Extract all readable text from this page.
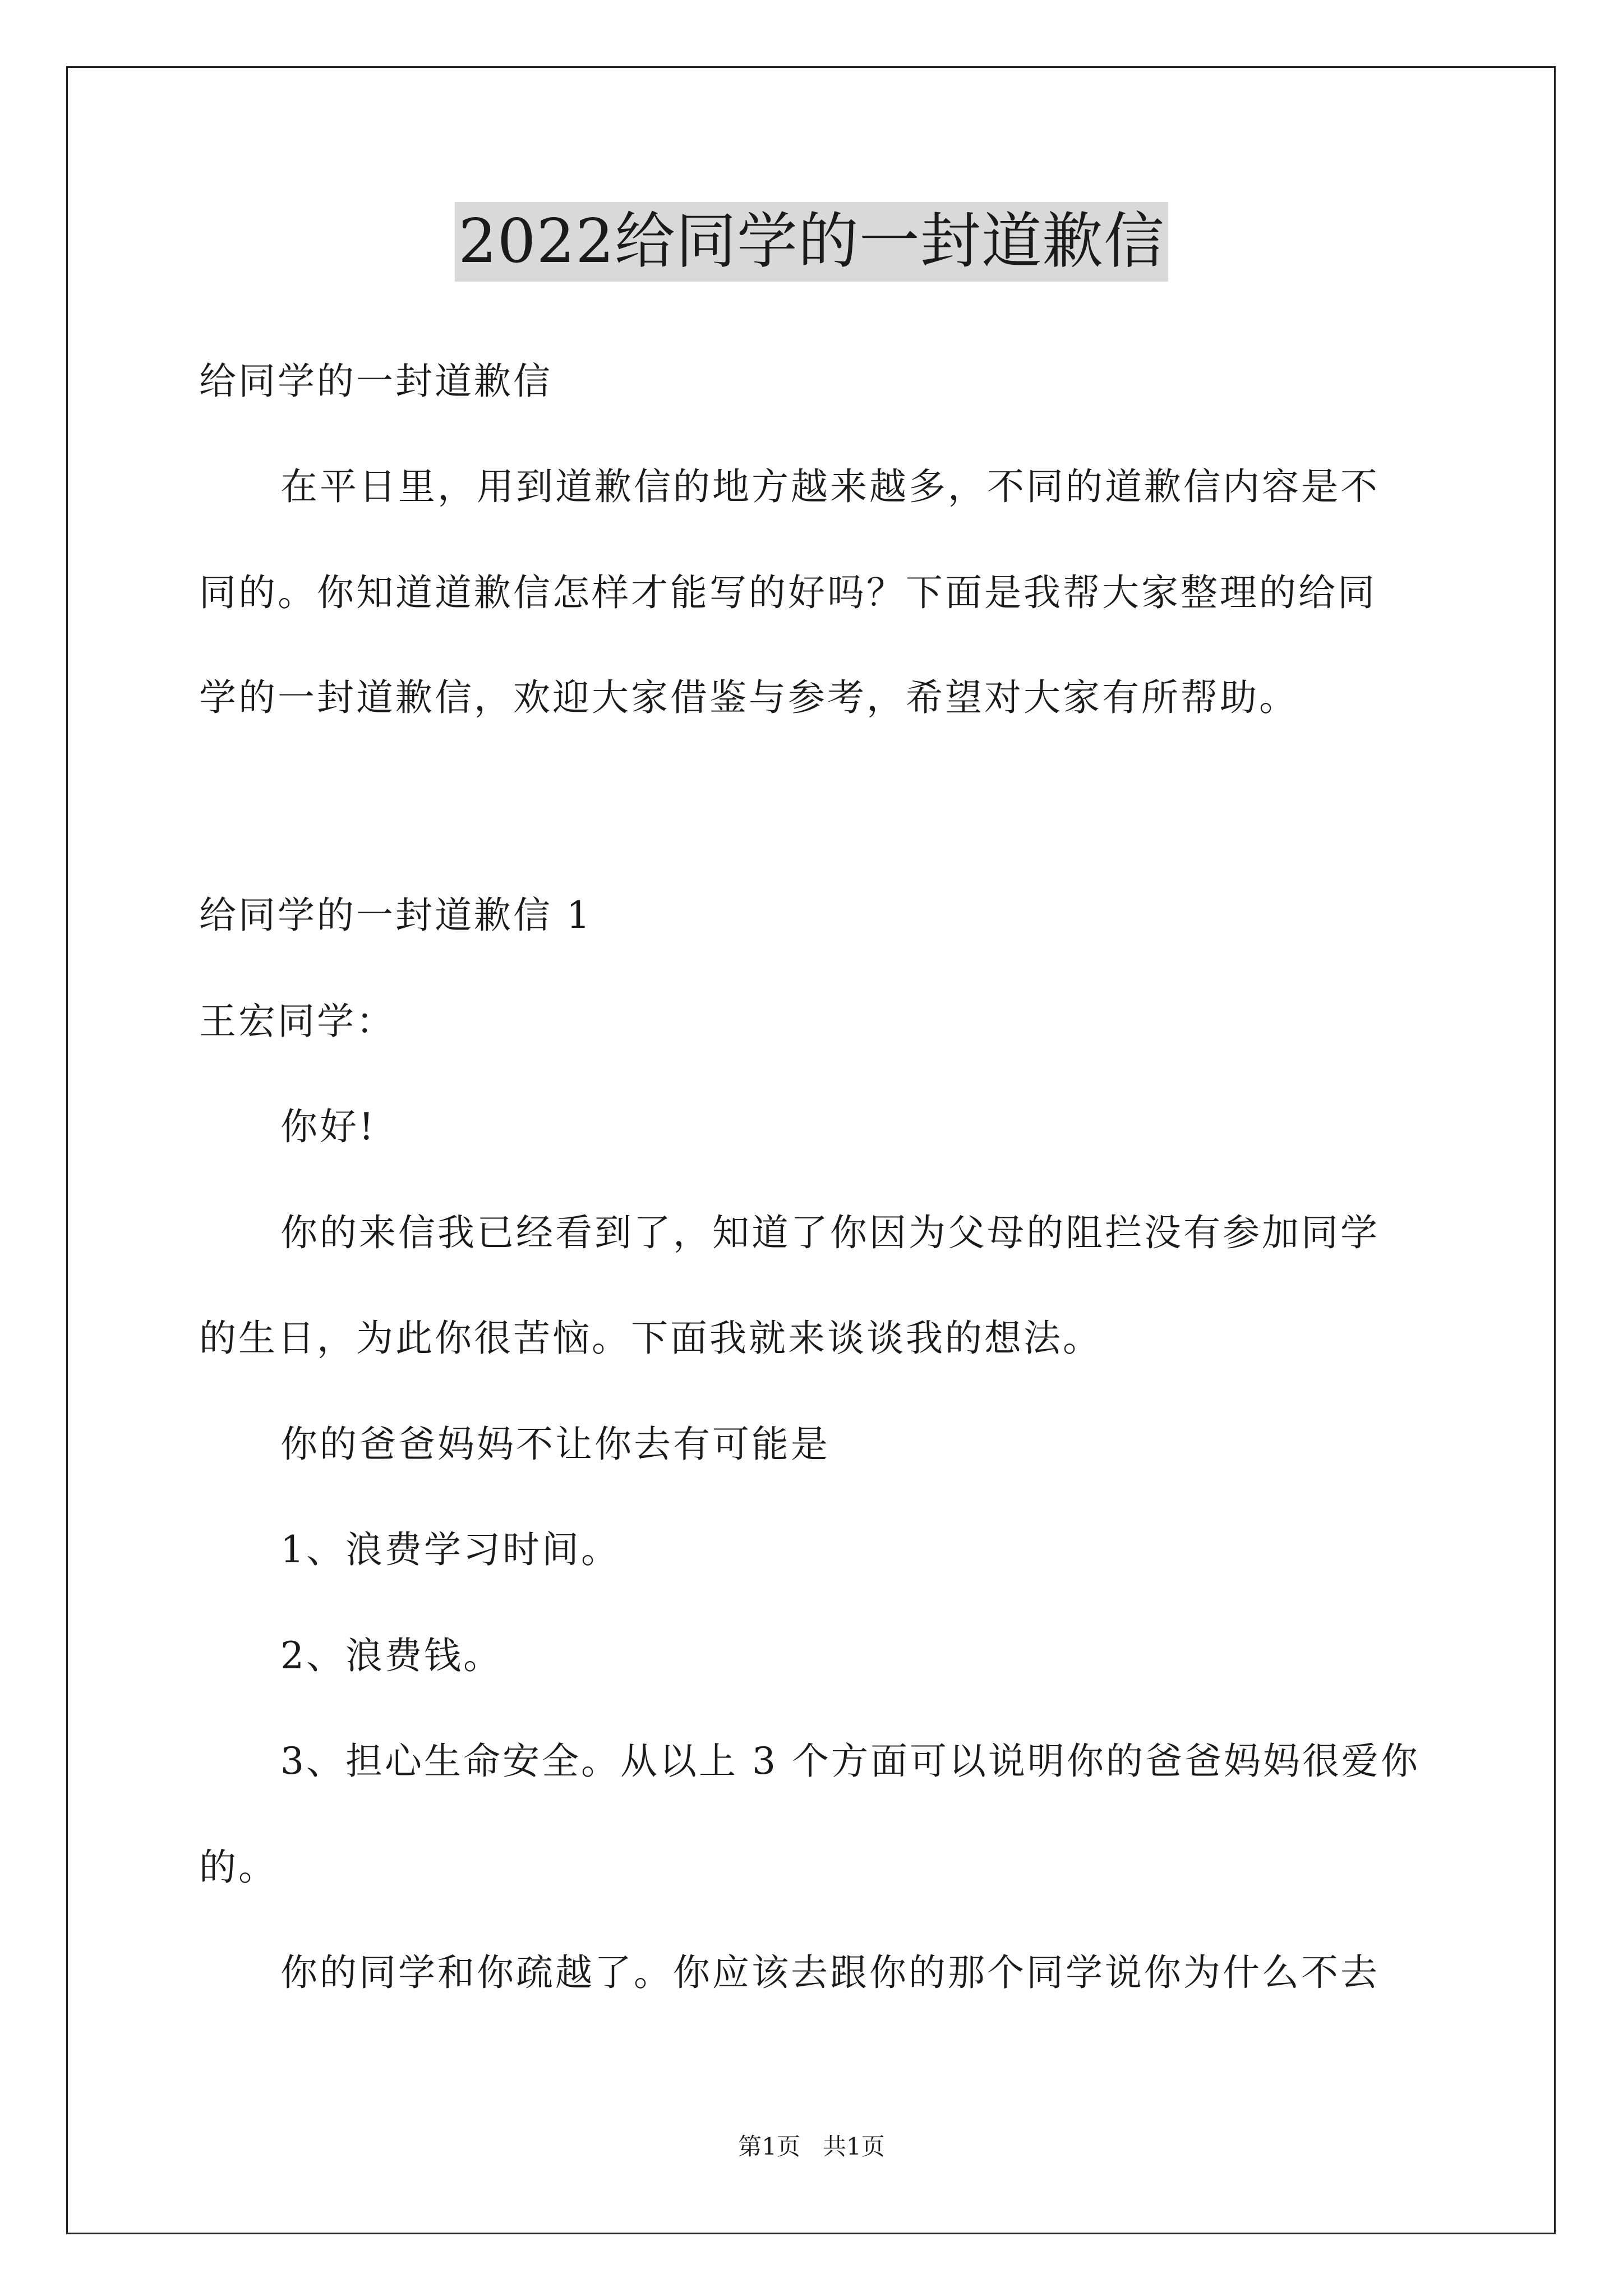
2022给同学的一封道歉信
给同学的一封道歉信
在平日里，用到道歉信的地方越来越多，不同的道歉信内容是不
同的。你知道道歉信怎样才能写的好吗？下面是我帮大家整理的给同
学的一封道歉信，欢迎大家借鉴与参考，希望对大家有所帮助。
给同学的一封道歉信 1
王宏同学：
你好!
你的来信我已经看到了，知道了你因为父母的阻拦没有参加同学
的生日，为此你很苦恼。下面我就来谈谈我的想法。
你的爸爸妈妈不让你去有可能是
1、浪费学习时间。
2、浪费钱。
3、担心生命安全。从以上 3 个方面可以说明你的爸爸妈妈很爱你
的。
你的同学和你疏越了。你应该去跟你的那个同学说你为什么不去
第1页   共1页
